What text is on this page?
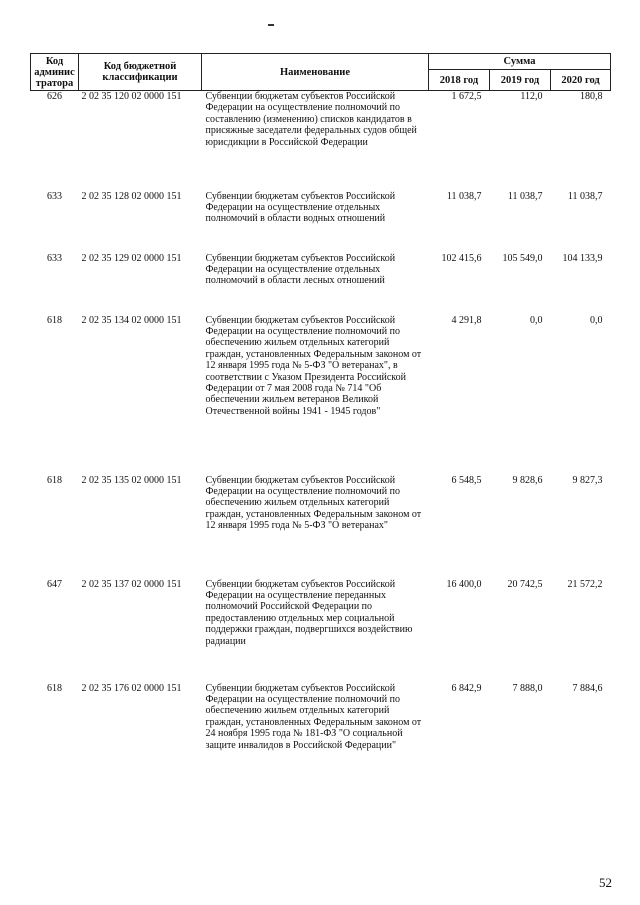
Код админис тратора	Код бюджетной классификации	Наименование	Сумма		
			2018 год	2019 год	2020 год
626	2 02 35 120 02 0000 151	Субвенции бюджетам субъектов Российской Федерации на осуществление полномочий по составлению (изменению) списков кандидатов в присяжные заседатели федеральных судов общей юрисдикции в Российской Федерации	1 672,5	112,0	180,8
633	2 02 35 128 02 0000 151	Субвенции бюджетам субъектов Российской Федерации на осуществление отдельных полномочий в области водных отношений	11 038,7	11 038,7	11 038,7
633	2 02 35 129 02 0000 151	Субвенции бюджетам субъектов Российской Федерации на осуществление отдельных полномочий в области лесных отношений	102 415,6	105 549,0	104 133,9
618	2 02 35 134 02 0000 151	Субвенции бюджетам субъектов Российской Федерации на осуществление полномочий по обеспечению жильем отдельных категорий граждан, установленных Федеральным законом от 12 января 1995 года № 5-ФЗ "О ветеранах", в соответствии с Указом Президента Российской Федерации от 7 мая 2008 года № 714 "Об обеспечении жильем ветеранов Великой Отечественной войны 1941 - 1945 годов"	4 291,8	0,0	0,0
618	2 02 35 135 02 0000 151	Субвенции бюджетам субъектов Российской Федерации на осуществление полномочий по обеспечению жильем отдельных категорий граждан, установленных Федеральным законом от 12 января 1995 года № 5-ФЗ "О ветеранах"	6 548,5	9 828,6	9 827,3
647	2 02 35 137 02 0000 151	Субвенции бюджетам субъектов Российской Федерации на осуществление переданных полномочий Российской Федерации по предоставлению отдельных мер социальной поддержки граждан, подвергшихся воздействию радиации	16 400,0	20 742,5	21 572,2
618	2 02 35 176 02 0000 151	Субвенции бюджетам субъектов Российской Федерации на осуществление полномочий по обеспечению жильем отдельных категорий граждан, установленных Федеральным законом от 24 ноября 1995 года № 181-ФЗ "О социальной защите инвалидов в Российской Федерации"	6 842,9	7 888,0	7 884,6
52
